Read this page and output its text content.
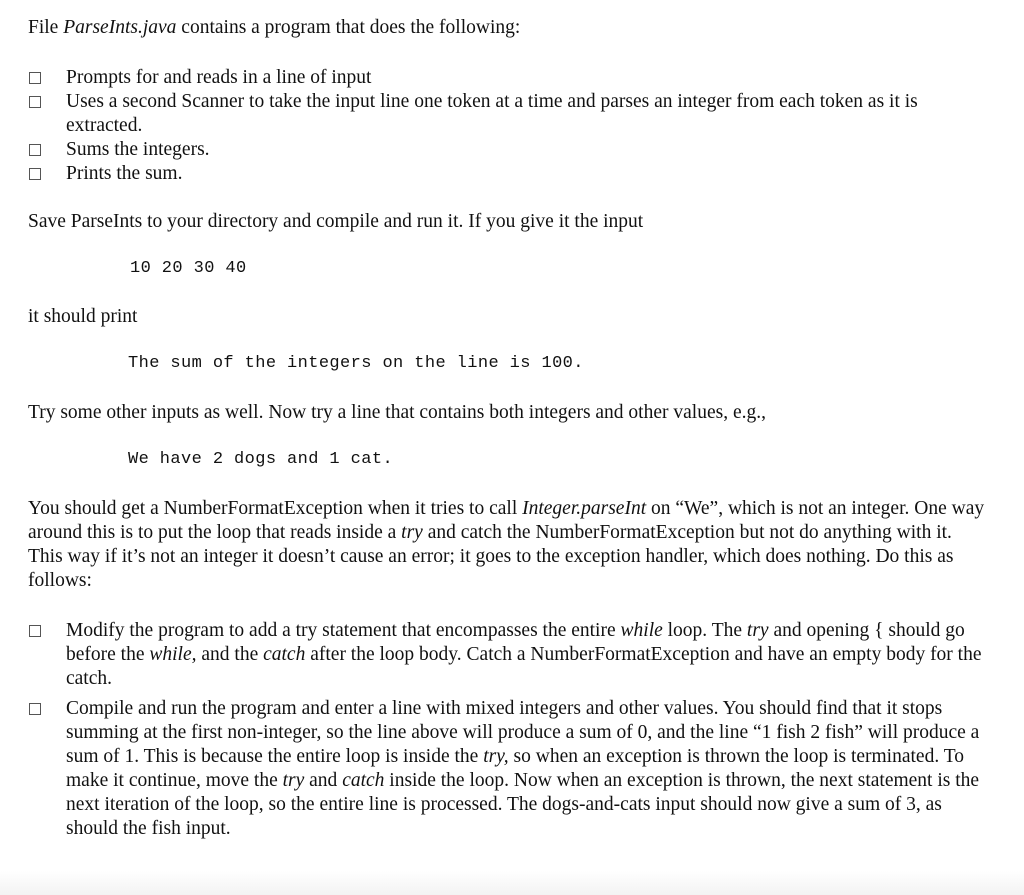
File ParseInts.java contains a program that does the following:

Prompts for and reads in a line of input
Uses a second Scanner to take the input line one token at a time and parses an integer from each token as it is extracted.
Sums the integers.
Prints the sum.

Save ParseInts to your directory and compile and run it. If you give it the input

10 20 30 40

it should print

The sum of the integers on the line is 100.

Try some other inputs as well. Now try a line that contains both integers and other values, e.g.,

We have 2 dogs and 1 cat.

You should get a NumberFormatException when it tries to call Integer.parseInt on “We”, which is not an integer. One way around this is to put the loop that reads inside a try and catch the NumberFormatException but not do anything with it. This way if it’s not an integer it doesn’t cause an error; it goes to the exception handler, which does nothing. Do this as follows:

Modify the program to add a try statement that encompasses the entire while loop. The try and opening { should go before the while, and the catch after the loop body. Catch a NumberFormatException and have an empty body for the catch.
Compile and run the program and enter a line with mixed integers and other values. You should find that it stops summing at the first non-integer, so the line above will produce a sum of 0, and the line “1 fish 2 fish” will produce a sum of 1. This is because the entire loop is inside the try, so when an exception is thrown the loop is terminated. To make it continue, move the try and catch inside the loop. Now when an exception is thrown, the next statement is the next iteration of the loop, so the entire line is processed. The dogs-and-cats input should now give a sum of 3, as should the fish input.
